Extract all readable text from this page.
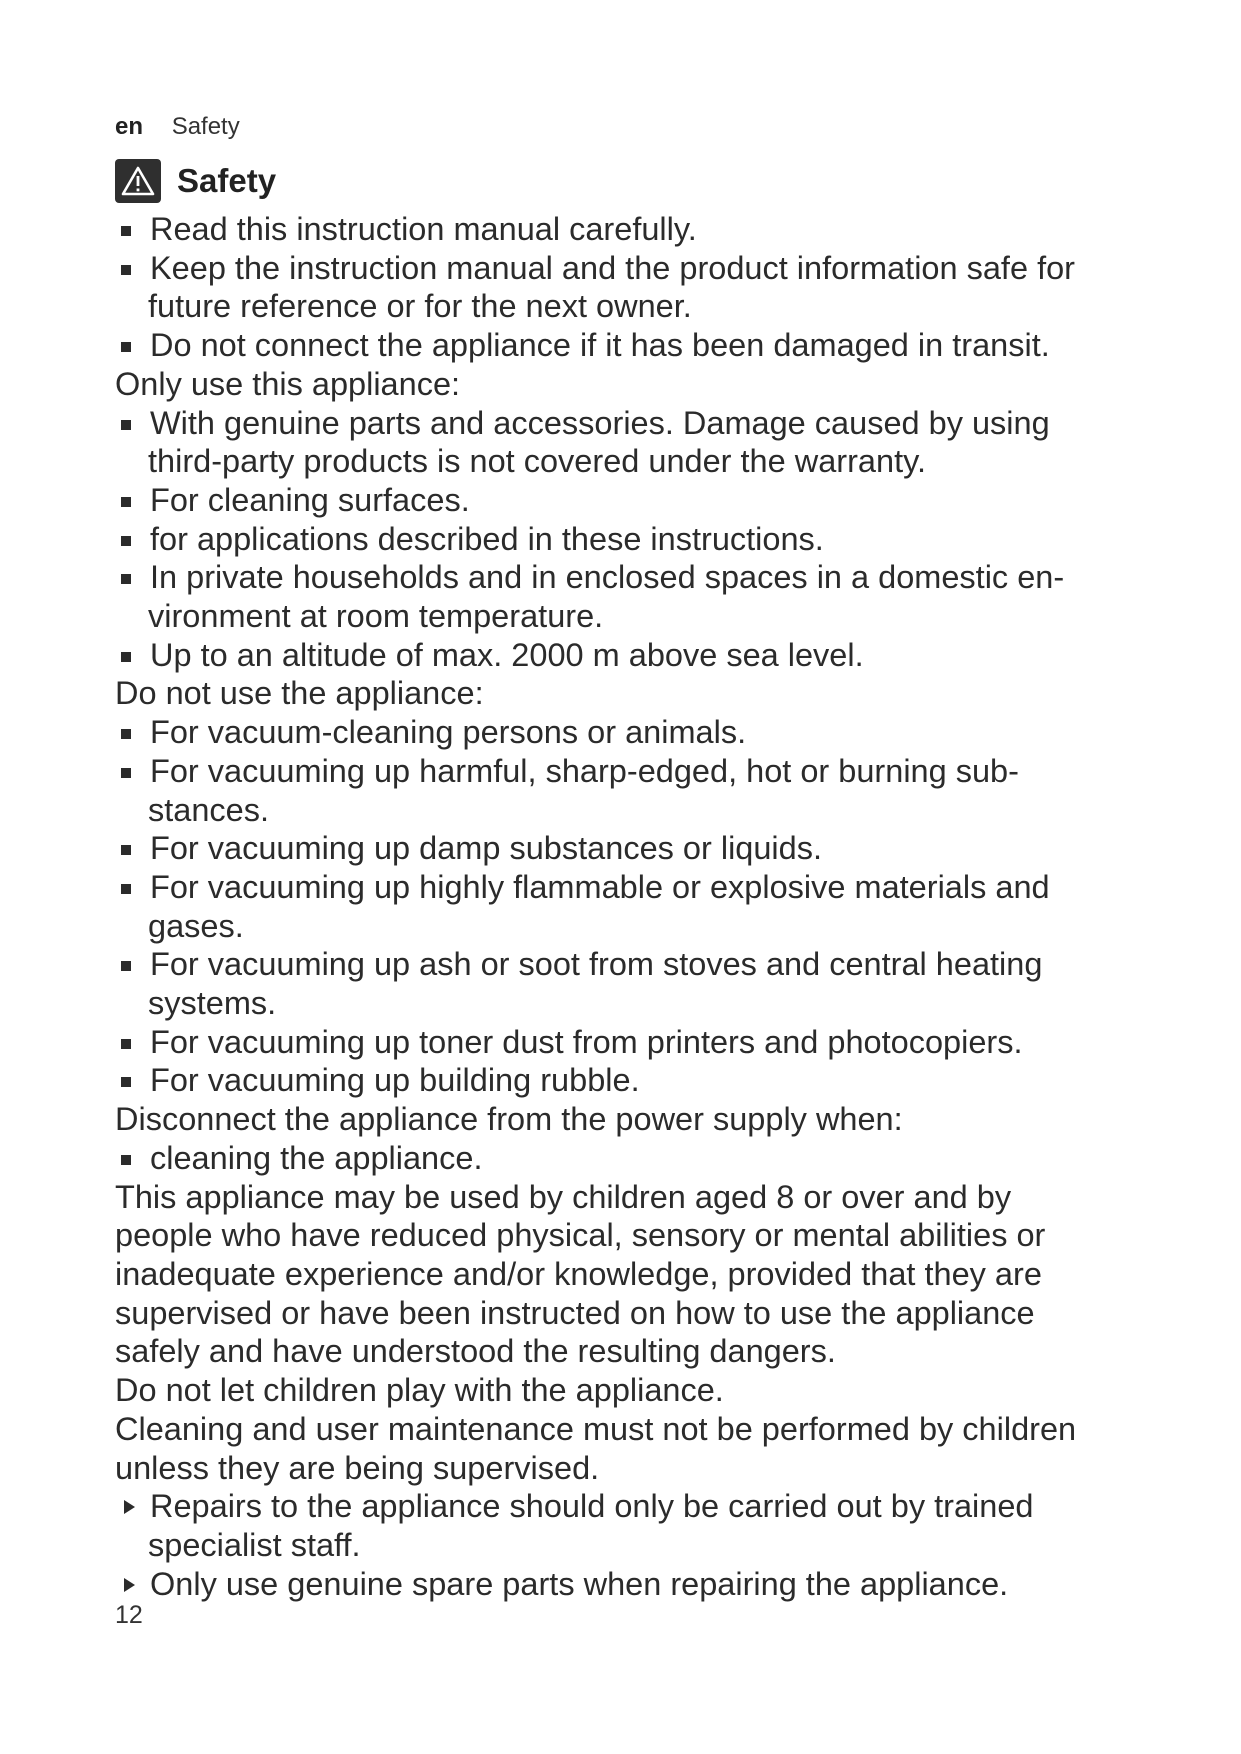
en Safety
Safety
Read this instruction manual carefully.
Keep the instruction manual and the product information safe for
future reference or for the next owner.
Do not connect the appliance if it has been damaged in transit.
Only use this appliance:
With genuine parts and accessories. Damage caused by using
third-party products is not covered under the warranty.
For cleaning surfaces.
for applications described in these instructions.
In private households and in enclosed spaces in a domestic en-
vironment at room temperature.
Up to an altitude of max. 2000 m above sea level.
Do not use the appliance:
For vacuum-cleaning persons or animals.
For vacuuming up harmful, sharp-edged, hot or burning sub-
stances.
For vacuuming up damp substances or liquids.
For vacuuming up highly flammable or explosive materials and
gases.
For vacuuming up ash or soot from stoves and central heating
systems.
For vacuuming up toner dust from printers and photocopiers.
For vacuuming up building rubble.
Disconnect the appliance from the power supply when:
cleaning the appliance.
This appliance may be used by children aged 8 or over and by
people who have reduced physical, sensory or mental abilities or
inadequate experience and/or knowledge, provided that they are
supervised or have been instructed on how to use the appliance
safely and have understood the resulting dangers.
Do not let children play with the appliance.
Cleaning and user maintenance must not be performed by children
unless they are being supervised.
Repairs to the appliance should only be carried out by trained
specialist staff.
Only use genuine spare parts when repairing the appliance.
12
